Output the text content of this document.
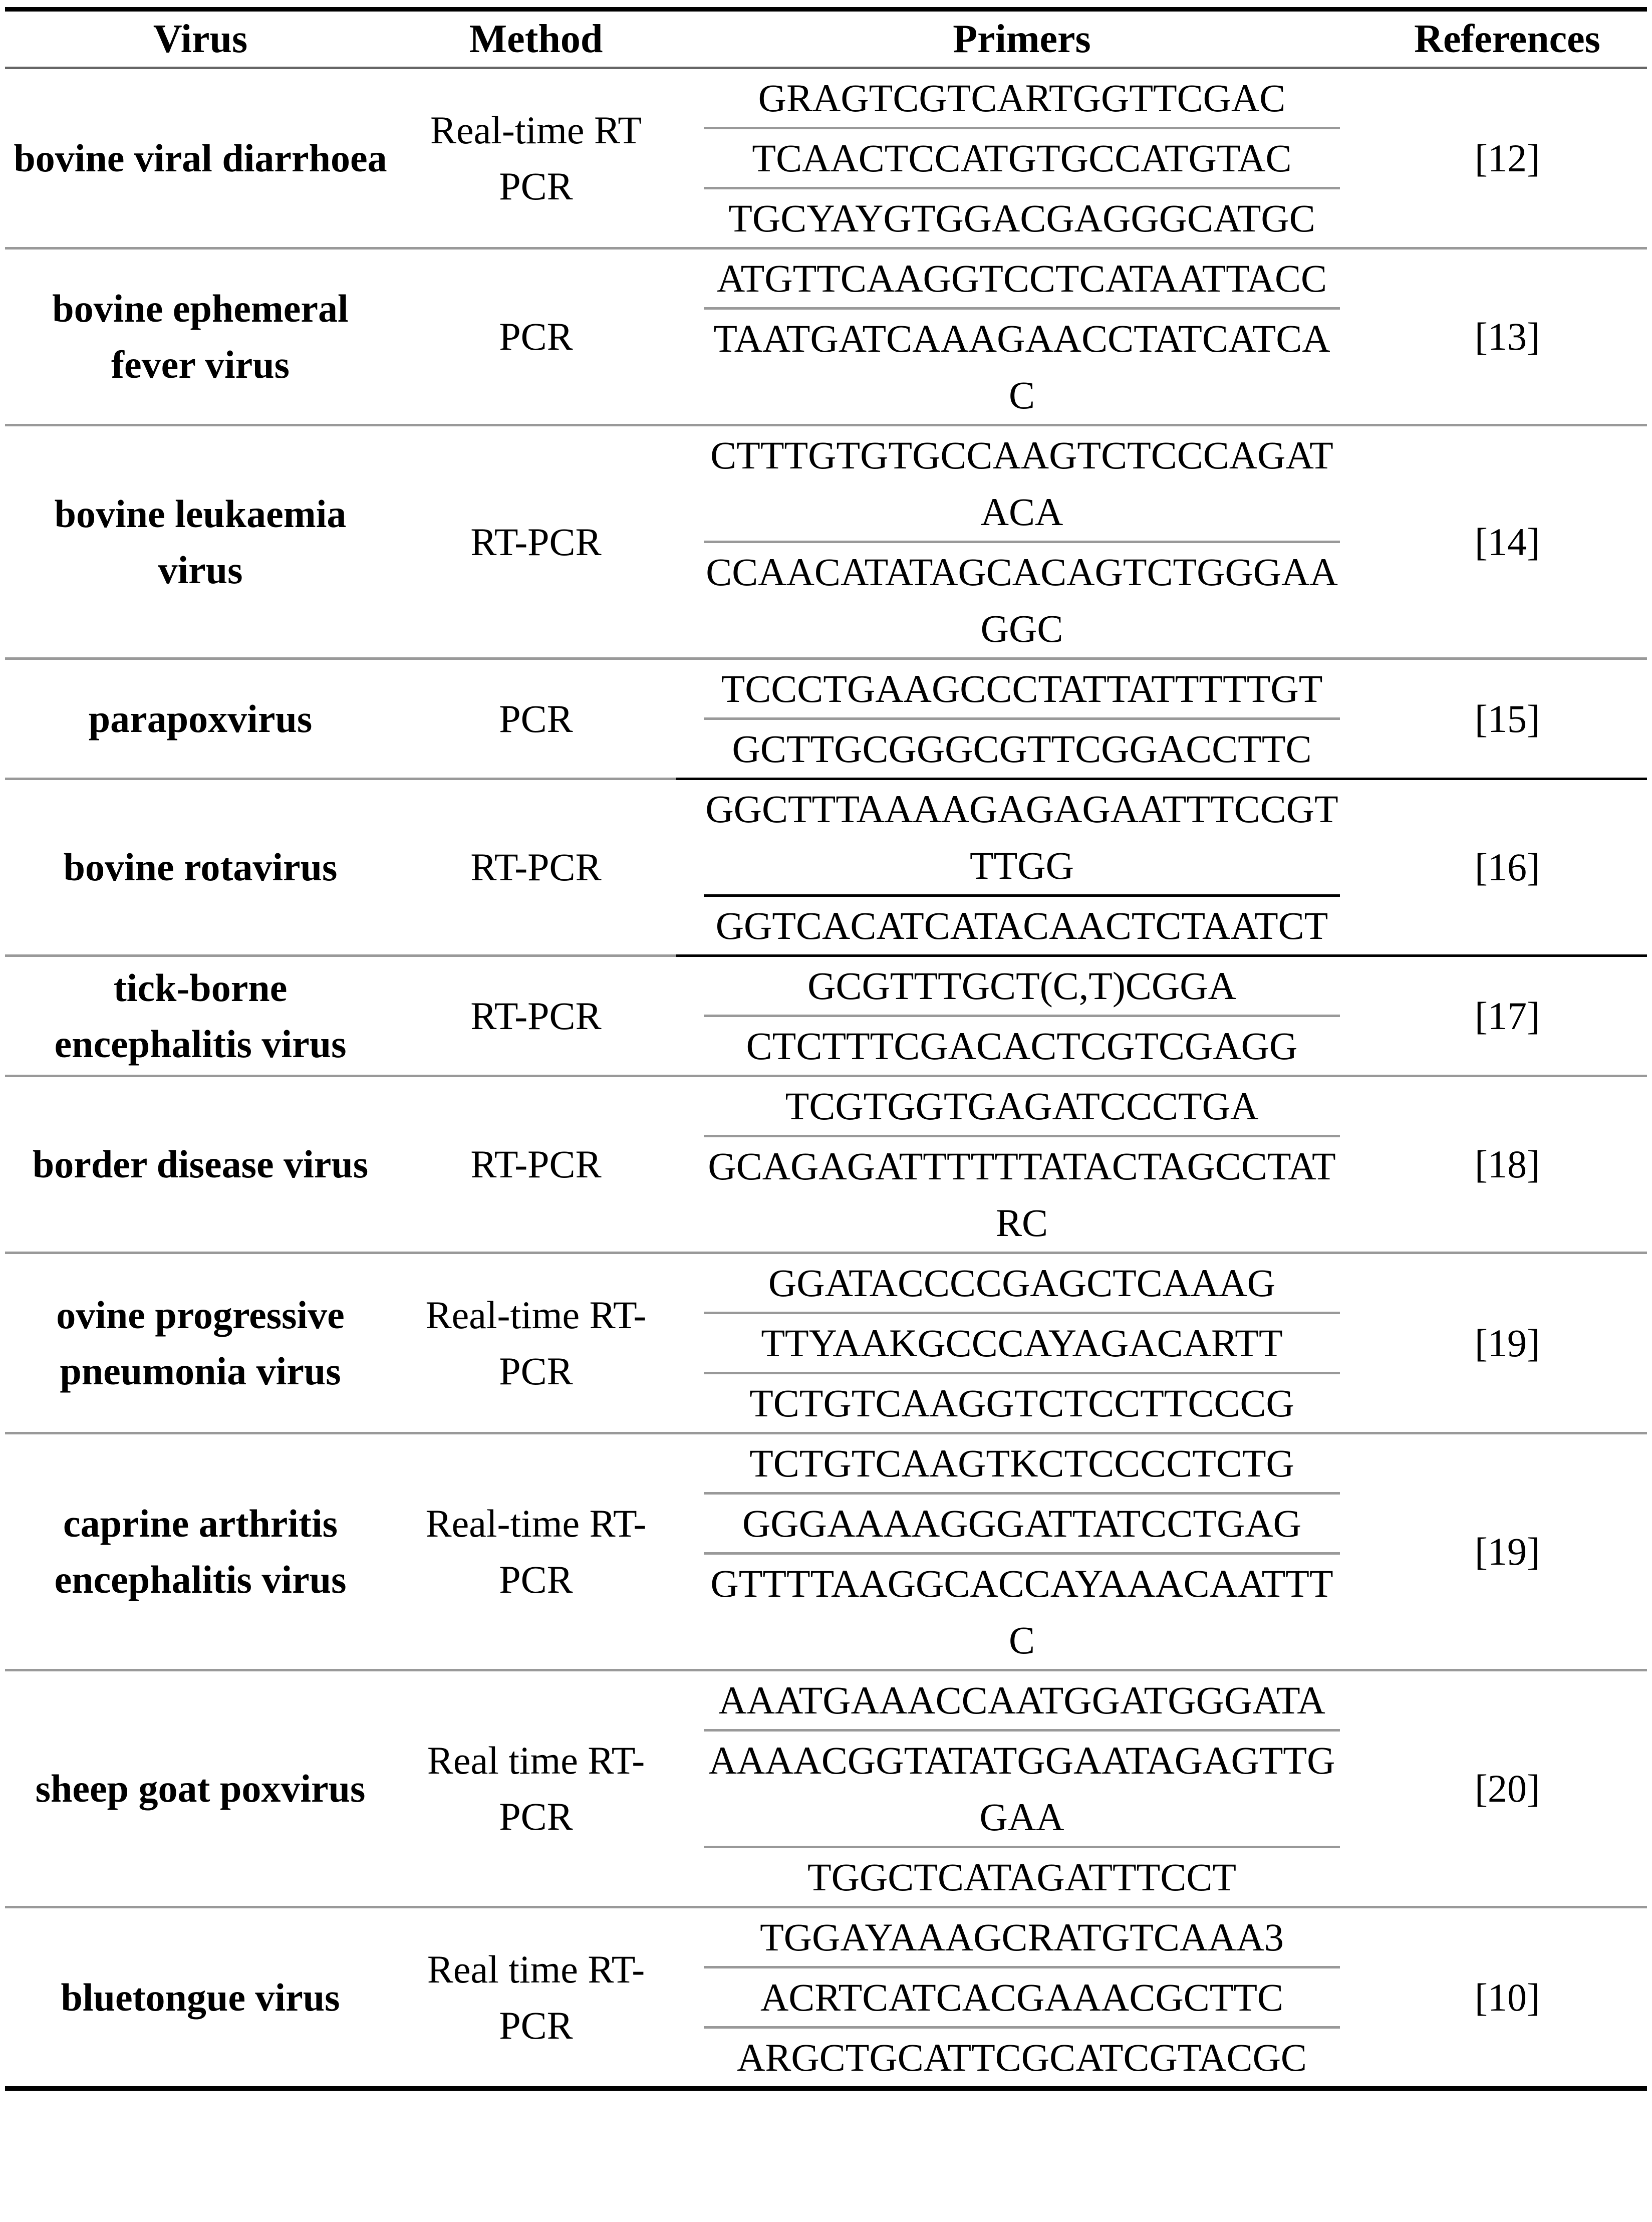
Virus	Method	Primers	References
bovine viral diarrhoea	Real-time RT PCR	GRAGTCGTCARTGGTTCGAC
TCAACTCCATGTGCCATGTAC
TGCYAYGTGGACGAGGGCATGC	[12]
bovine ephemeral fever virus	PCR	ATGTTCAAGGTCCTCATAATTACC
TAATGATCAAAGAACCTATCATCAC	[13]
bovine leukaemia virus	RT-PCR	CTTTGTGTGCCAAGTCTCCCAGATACA
CCAACATATAGCACAGTCTGGGAAGGC	[14]
parapoxvirus	PCR	TCCCTGAAGCCCTATTATTTTTGT
GCTTGCGGGCGTTCGGACCTTC	[15]
bovine rotavirus	RT-PCR	GGCTTTAAAAGAGAGAATTTCCGTTTGG
GGTCACATCATACAACTCTAATCT	[16]
tick-borne encephalitis virus	RT-PCR	GCGTTTGCT(C,T)CGGA
CTCTTTCGACACTCGTCGAGG	[17]
border disease virus	RT-PCR	TCGTGGTGAGATCCCTGA
GCAGAGATTTTTTATACTAGCCTATRC	[18]
ovine progressive pneumonia virus	Real-time RT-PCR	GGATACCCCGAGCTCAAAG
TTYAAKGCCCAYAGACARTT
TCTGTCAAGGTCTCCTTCCCG	[19]
caprine arthritis encephalitis virus	Real-time RT-PCR	TCTGTCAAGTKCTCCCCTCTG
GGGAAAAGGGATTATCCTGAG
GTTTTAAGGCACCAYAAACAATTTC	[19]
sheep goat poxvirus	Real time RT-PCR	AAATGAAACCAATGGATGGGATA
AAAACGGTATATGGAATAGAGTTGGAA
TGGCTCATAGATTTCCT	[20]
bluetongue virus	Real time RT-PCR	TGGAYAAAGCRATGTCAAA3
ACRTCATCACGAAACGCTTC
ARGCTGCATTCGCATCGTACGC	[10]
